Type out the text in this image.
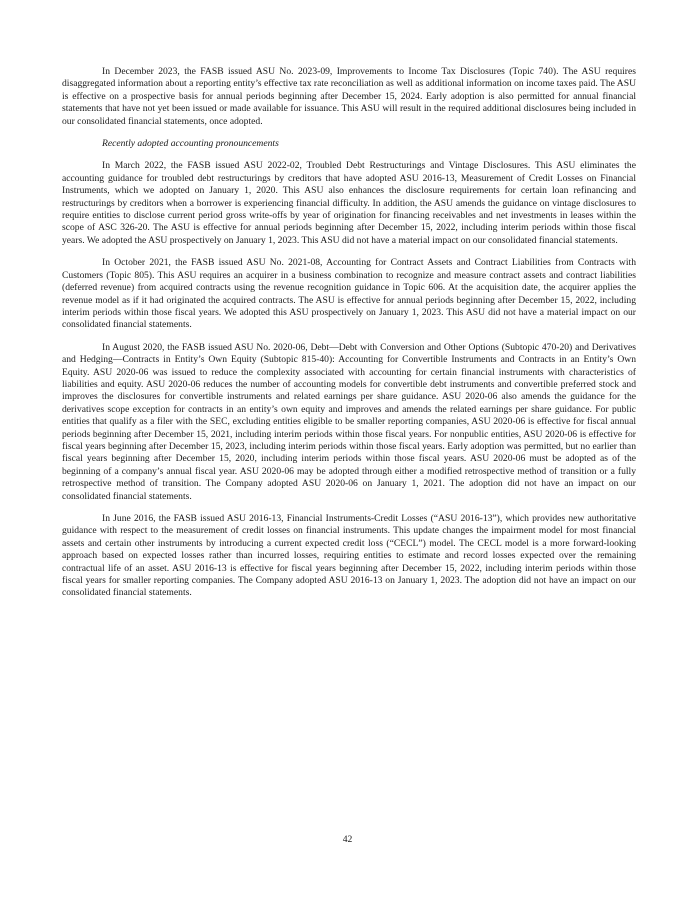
In December 2023, the FASB issued ASU No. 2023-09, Improvements to Income Tax Disclosures (Topic 740). The ASU requires disaggregated information about a reporting entity’s effective tax rate reconciliation as well as additional information on income taxes paid. The ASU is effective on a prospective basis for annual periods beginning after December 15, 2024. Early adoption is also permitted for annual financial statements that have not yet been issued or made available for issuance. This ASU will result in the required additional disclosures being included in our consolidated financial statements, once adopted.

Recently adopted accounting pronouncements

In March 2022, the FASB issued ASU 2022-02, Troubled Debt Restructurings and Vintage Disclosures. This ASU eliminates the accounting guidance for troubled debt restructurings by creditors that have adopted ASU 2016-13, Measurement of Credit Losses on Financial Instruments, which we adopted on January 1, 2020. This ASU also enhances the disclosure requirements for certain loan refinancing and restructurings by creditors when a borrower is experiencing financial difficulty. In addition, the ASU amends the guidance on vintage disclosures to require entities to disclose current period gross write-offs by year of origination for financing receivables and net investments in leases within the scope of ASC 326-20. The ASU is effective for annual periods beginning after December 15, 2022, including interim periods within those fiscal years. We adopted the ASU prospectively on January 1, 2023. This ASU did not have a material impact on our consolidated financial statements.

In October 2021, the FASB issued ASU No. 2021-08, Accounting for Contract Assets and Contract Liabilities from Contracts with Customers (Topic 805). This ASU requires an acquirer in a business combination to recognize and measure contract assets and contract liabilities (deferred revenue) from acquired contracts using the revenue recognition guidance in Topic 606. At the acquisition date, the acquirer applies the revenue model as if it had originated the acquired contracts. The ASU is effective for annual periods beginning after December 15, 2022, including interim periods within those fiscal years. We adopted this ASU prospectively on January 1, 2023. This ASU did not have a material impact on our consolidated financial statements.

In August 2020, the FASB issued ASU No. 2020-06, Debt—Debt with Conversion and Other Options (Subtopic 470-20) and Derivatives and Hedging—Contracts in Entity’s Own Equity (Subtopic 815-40): Accounting for Convertible Instruments and Contracts in an Entity’s Own Equity. ASU 2020-06 was issued to reduce the complexity associated with accounting for certain financial instruments with characteristics of liabilities and equity. ASU 2020-06 reduces the number of accounting models for convertible debt instruments and convertible preferred stock and improves the disclosures for convertible instruments and related earnings per share guidance. ASU 2020-06 also amends the guidance for the derivatives scope exception for contracts in an entity’s own equity and improves and amends the related earnings per share guidance. For public entities that qualify as a filer with the SEC, excluding entities eligible to be smaller reporting companies, ASU 2020-06 is effective for fiscal annual periods beginning after December 15, 2021, including interim periods within those fiscal years. For nonpublic entities, ASU 2020-06 is effective for fiscal years beginning after December 15, 2023, including interim periods within those fiscal years. Early adoption was permitted, but no earlier than fiscal years beginning after December 15, 2020, including interim periods within those fiscal years. ASU 2020-06 must be adopted as of the beginning of a company’s annual fiscal year. ASU 2020-06 may be adopted through either a modified retrospective method of transition or a fully retrospective method of transition. The Company adopted ASU 2020-06 on January 1, 2021. The adoption did not have an impact on our consolidated financial statements.

In June 2016, the FASB issued ASU 2016-13, Financial Instruments-Credit Losses (“ASU 2016-13”), which provides new authoritative guidance with respect to the measurement of credit losses on financial instruments. This update changes the impairment model for most financial assets and certain other instruments by introducing a current expected credit loss (“CECL”) model. The CECL model is a more forward-looking approach based on expected losses rather than incurred losses, requiring entities to estimate and record losses expected over the remaining contractual life of an asset. ASU 2016-13 is effective for fiscal years beginning after December 15, 2022, including interim periods within those fiscal years for smaller reporting companies. The Company adopted ASU 2016-13 on January 1, 2023. The adoption did not have an impact on our consolidated financial statements.

42
